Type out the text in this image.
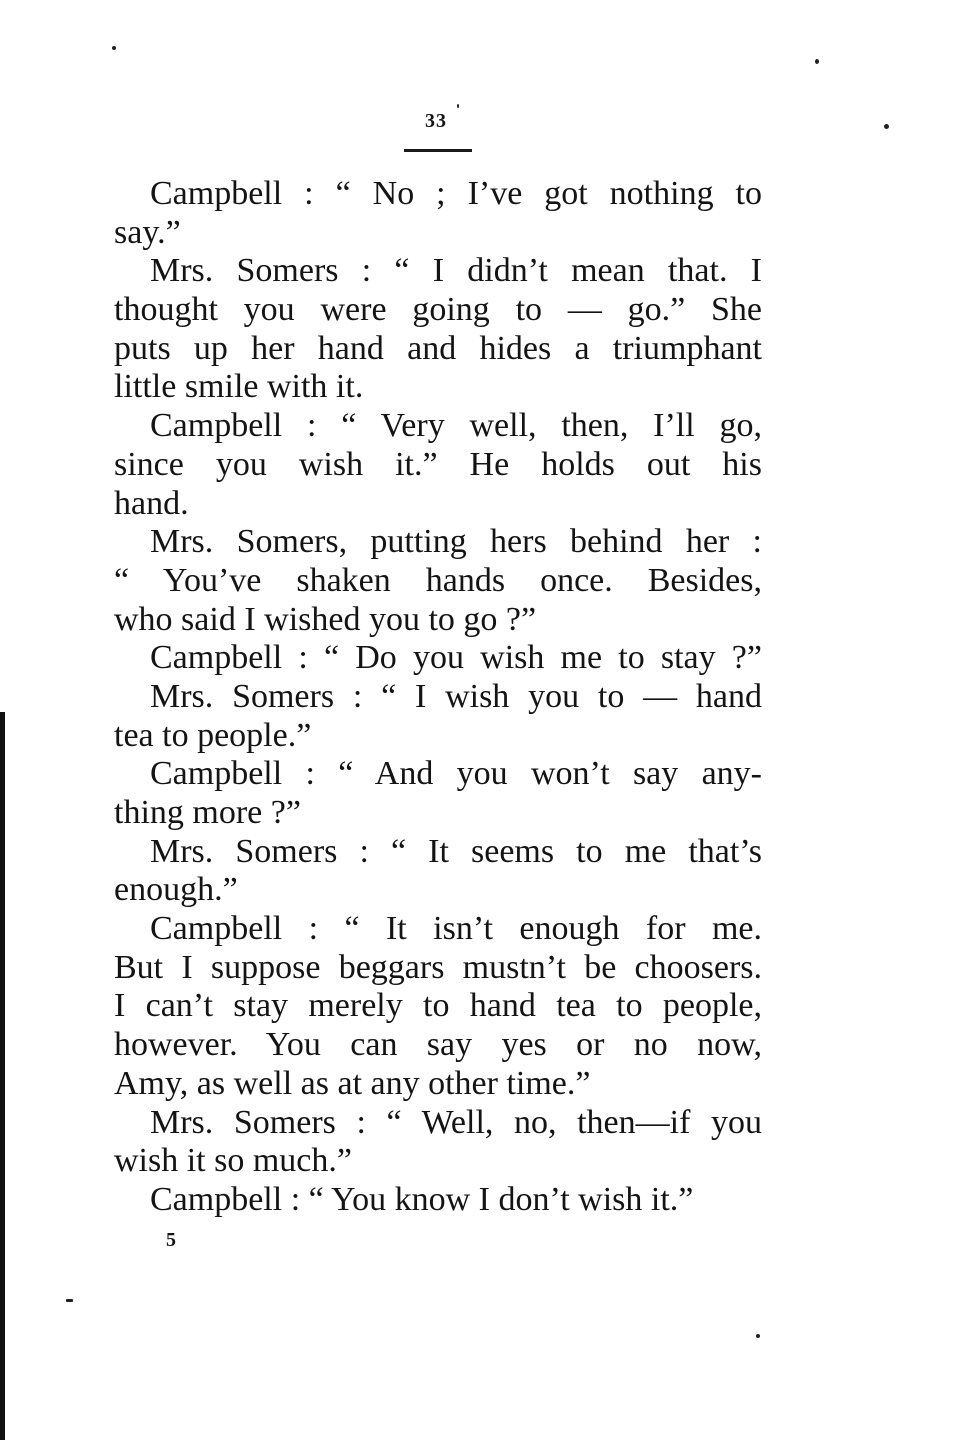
33
Campbell : “ No ; I’ve got nothing to
say.”
Mrs. Somers : “ I didn’t mean that. I
thought you were going to — go.” She
puts up her hand and hides a triumphant
little smile with it.
Campbell : “ Very well, then, I’ll go,
since you wish it.” He holds out his
hand.
Mrs. Somers, putting hers behind her :
“ You’ve shaken hands once. Besides,
who said I wished you to go ?”
Campbell : “ Do you wish me to stay ?”
Mrs. Somers : “ I wish you to — hand
tea to people.”
Campbell : “ And you won’t say any-
thing more ?”
Mrs. Somers : “ It seems to me that’s
enough.”
Campbell : “ It isn’t enough for me.
But I suppose beggars mustn’t be choosers.
I can’t stay merely to hand tea to people,
however. You can say yes or no now,
Amy, as well as at any other time.”
Mrs. Somers : “ Well, no, then—if you
wish it so much.”
Campbell : “ You know I don’t wish it.”
5
